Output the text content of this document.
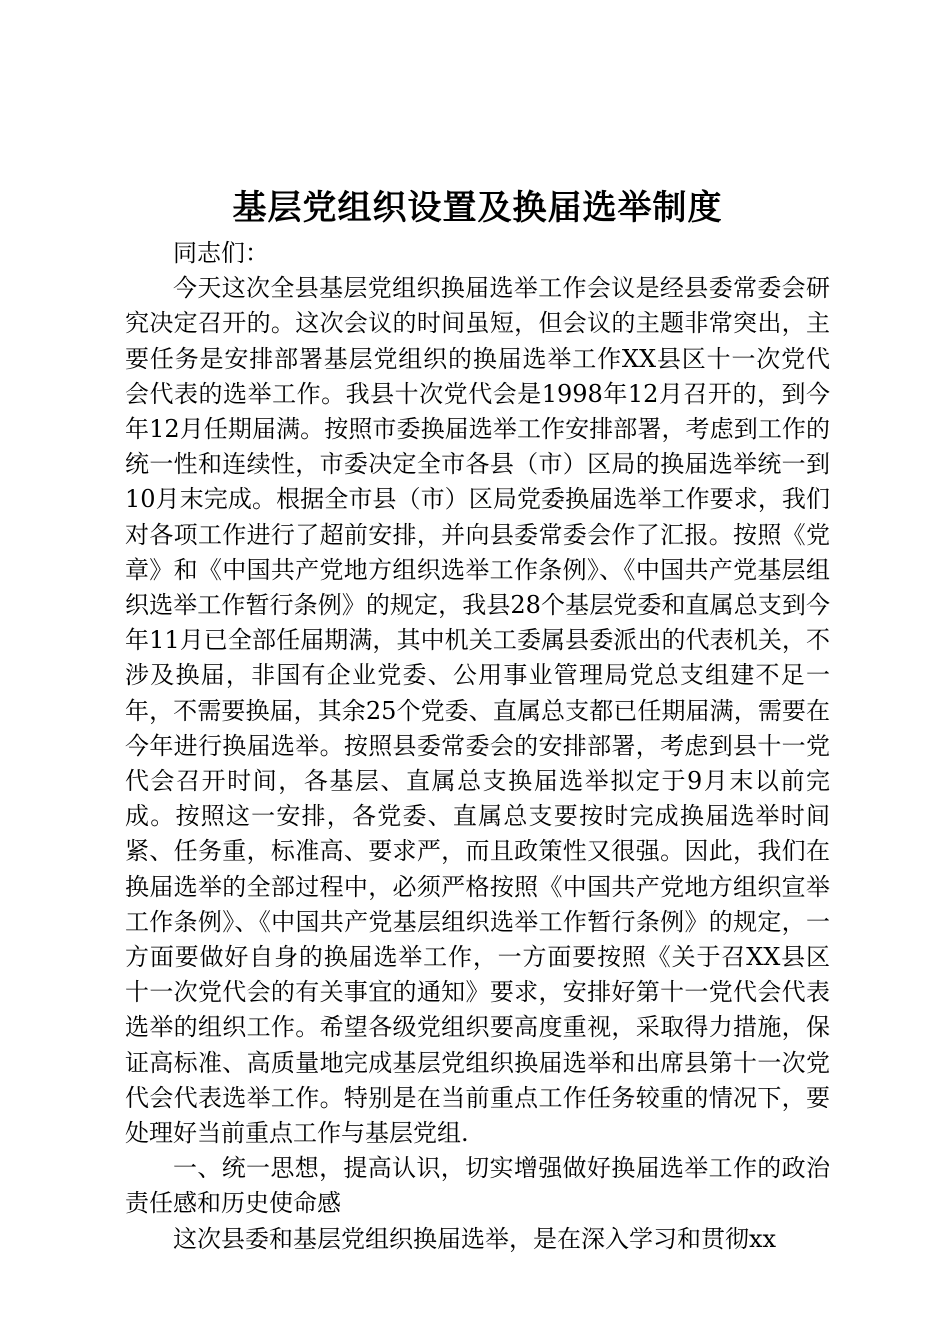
基层党组织设置及换届选举制度

同志们：

今天这次全县基层党组织换届选举工作会议是经县委常委会研究决定召开的。这次会议的时间虽短，但会议的主题非常突出，主要任务是安排部署基层党组织的换届选举工作XX县区十一次党代会代表的选举工作。我县十次党代会是1998年12月召开的，到今年12月任期届满。按照市委换届选举工作安排部署，考虑到工作的统一性和连续性，市委决定全市各县（市）区局的换届选举统一到10月末完成。根据全市县（市）区局党委换届选举工作要求，我们对各项工作进行了超前安排，并向县委常委会作了汇报。按照《党章》和《中国共产党地方组织选举工作条例》、《中国共产党基层组织选举工作暂行条例》的规定，我县28个基层党委和直属总支到今年11月已全部任届期满，其中机关工委属县委派出的代表机关，不涉及换届，非国有企业党委、公用事业管理局党总支组建不足一年，不需要换届，其余25个党委、直属总支都已任期届满，需要在今年进行换届选举。按照县委常委会的安排部署，考虑到县十一党代会召开时间，各基层、直属总支换届选举拟定于9月末以前完成。按照这一安排，各党委、直属总支要按时完成换届选举时间紧、任务重，标准高、要求严，而且政策性又很强。因此，我们在换届选举的全部过程中，必须严格按照《中国共产党地方组织宣举工作条例》、《中国共产党基层组织选举工作暂行条例》的规定，一方面要做好自身的换届选举工作，一方面要按照《关于召XX县区十一次党代会的有关事宜的通知》要求，安排好第十一党代会代表选举的组织工作。希望各级党组织要高度重视，采取得力措施，保证高标准、高质量地完成基层党组织换届选举和出席县第十一次党代会代表选举工作。特别是在当前重点工作任务较重的情况下，要处理好当前重点工作与基层党组.

一、统一思想，提高认识，切实增强做好换届选举工作的政治责任感和历史使命感

这次县委和基层党组织换届选举，是在深入学习和贯彻xx
